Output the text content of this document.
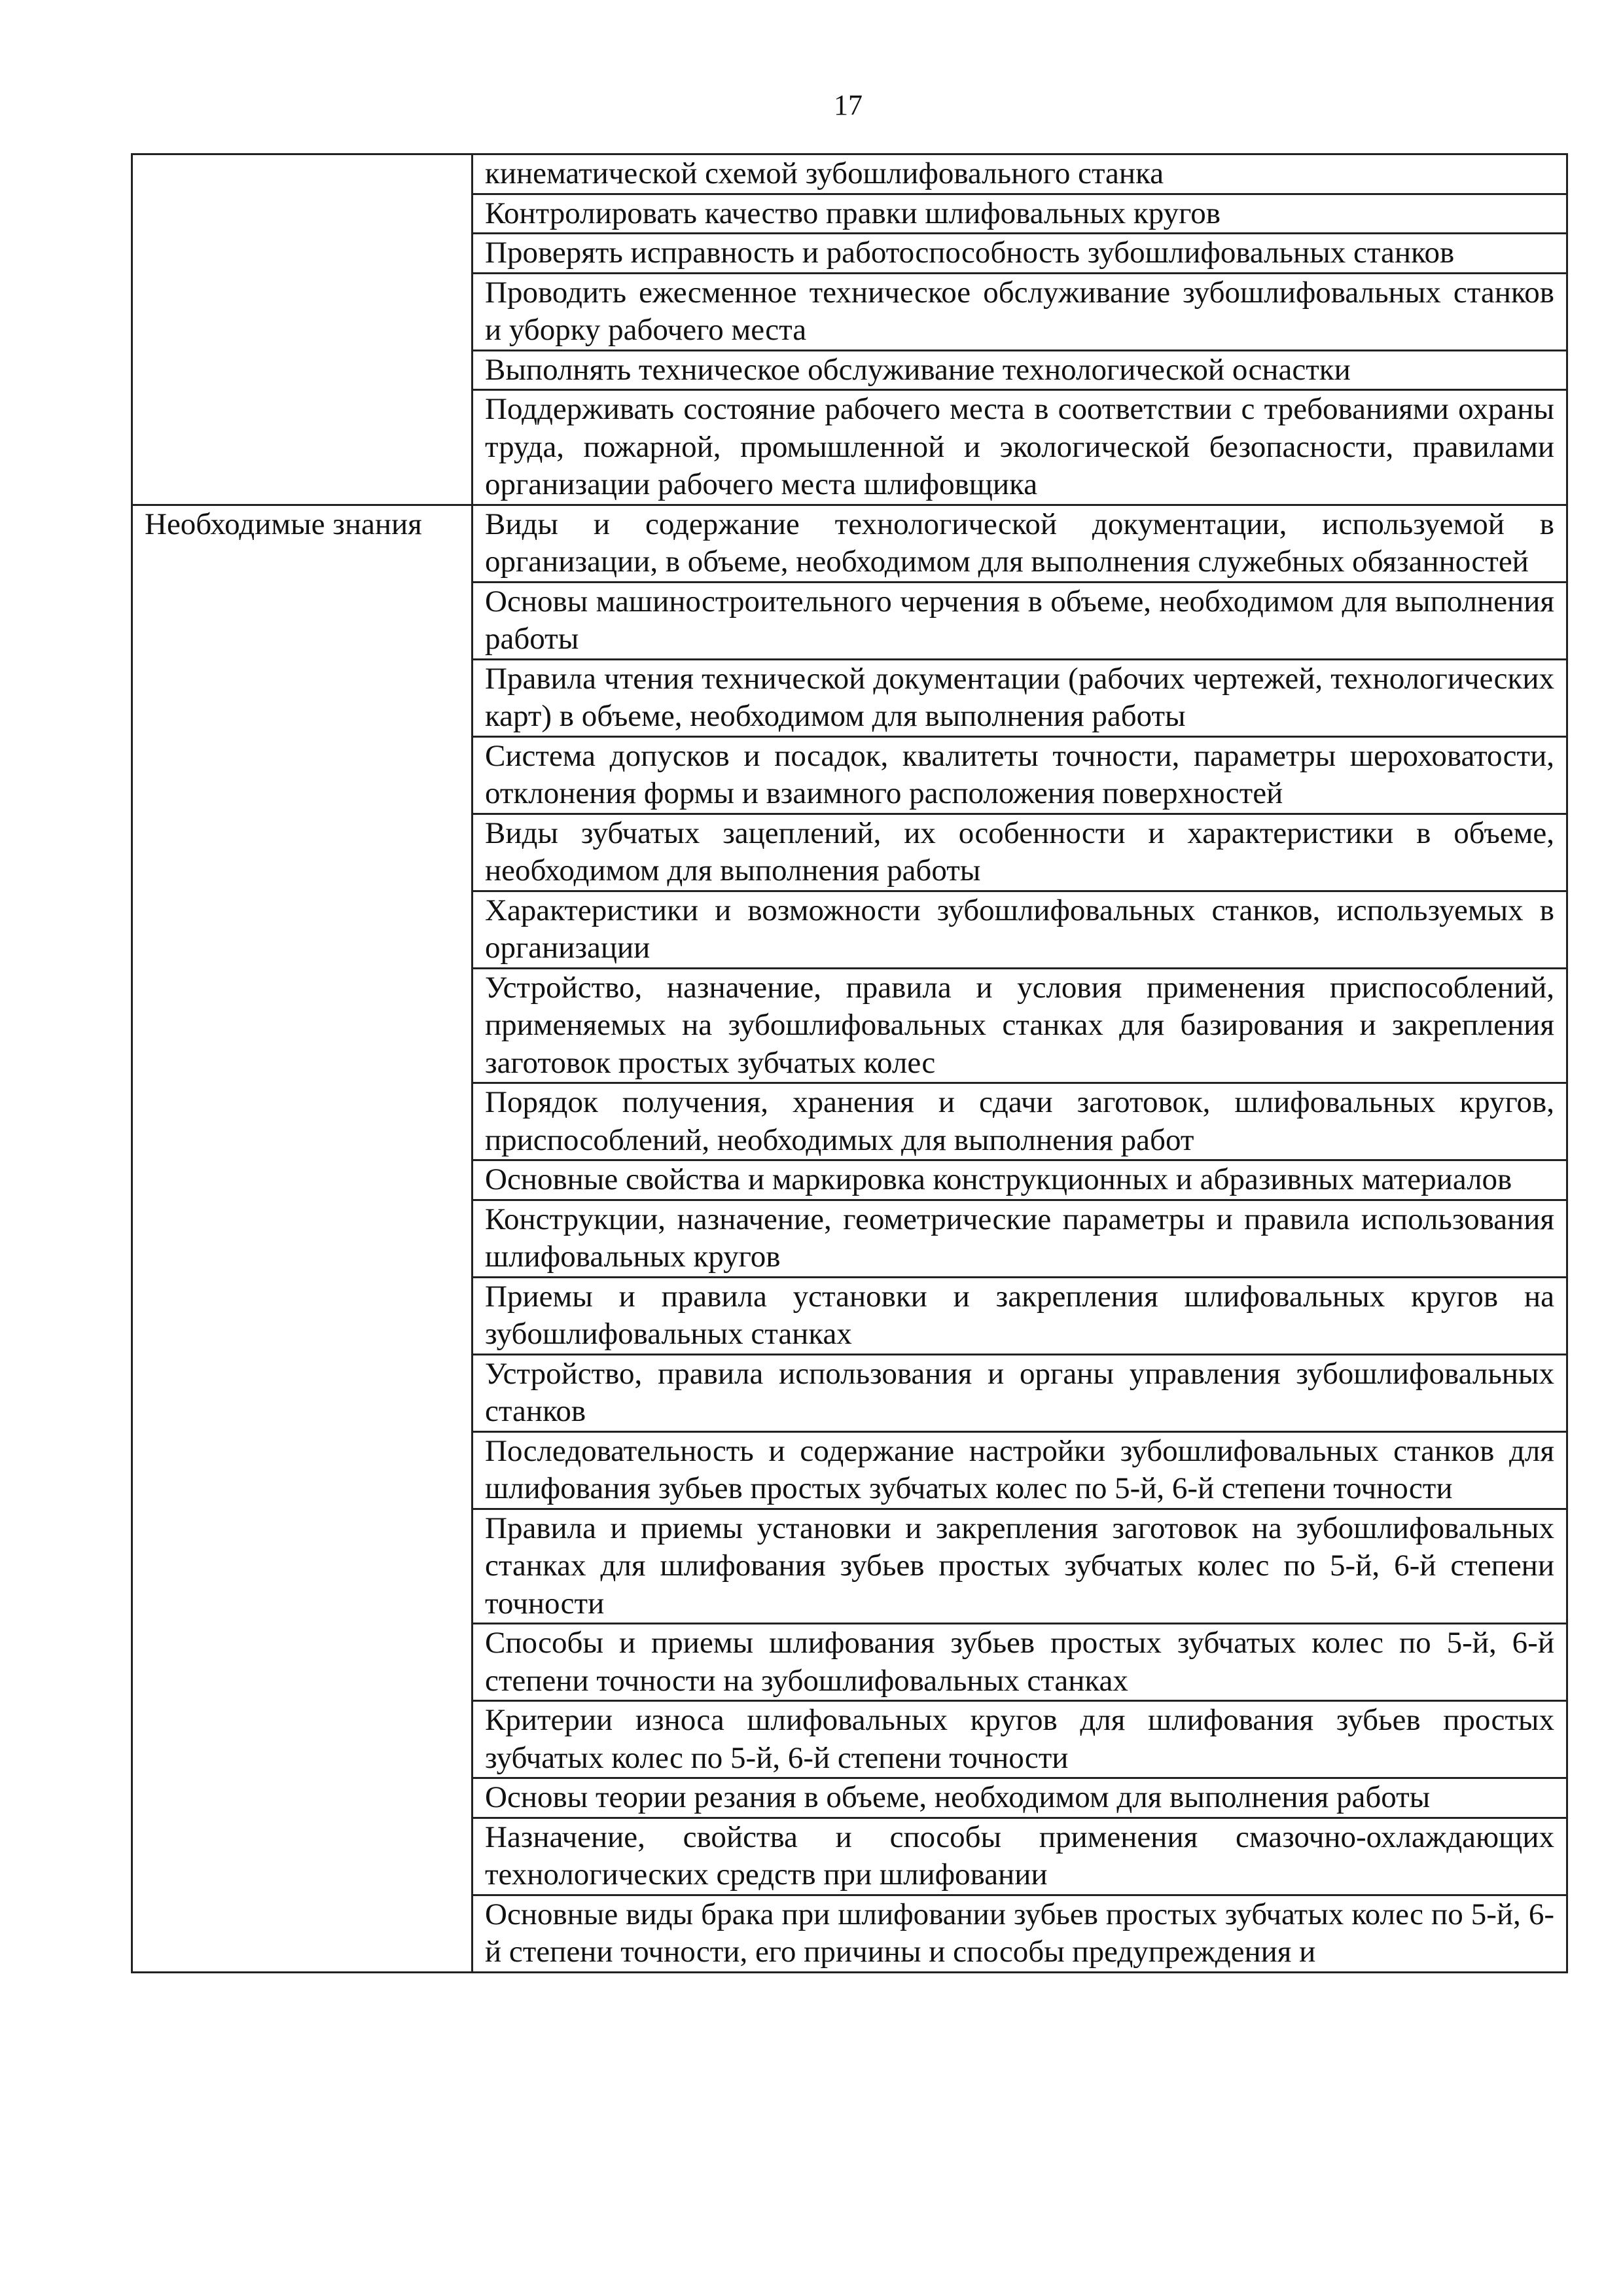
17
	кинематической схемой зубошлифовального станка
	Контролировать качество правки шлифовальных кругов
	Проверять исправность и работоспособность зубошлифовальных станков
	Проводить ежесменное техническое обслуживание зубошлифовальных станков и уборку рабочего места
	Выполнять техническое обслуживание технологической оснастки
	Поддерживать состояние рабочего места в соответствии с требованиями охраны труда, пожарной, промышленной и экологической безопасности, правилами организации рабочего места шлифовщика
Необходимые знания	Виды и содержание технологической документации, используемой в организации, в объеме, необходимом для выполнения служебных обязанностей
	Основы машиностроительного черчения в объеме, необходимом для выполнения работы
	Правила чтения технической документации (рабочих чертежей, технологических карт) в объеме, необходимом для выполнения работы
	Система допусков и посадок, квалитеты точности, параметры шероховатости, отклонения формы и взаимного расположения поверхностей
	Виды зубчатых зацеплений, их особенности и характеристики в объеме, необходимом для выполнения работы
	Характеристики и возможности зубошлифовальных станков, используемых в организации
	Устройство, назначение, правила и условия применения приспособлений, применяемых на зубошлифовальных станках для базирования и закрепления заготовок простых зубчатых колес
	Порядок получения, хранения и сдачи заготовок, шлифовальных кругов, приспособлений, необходимых для выполнения работ
	Основные свойства и маркировка конструкционных и абразивных материалов
	Конструкции, назначение, геометрические параметры и правила использования шлифовальных кругов
	Приемы и правила установки и закрепления шлифовальных кругов на зубошлифовальных станках
	Устройство, правила использования и органы управления зубошлифовальных станков
	Последовательность и содержание настройки зубошлифовальных станков для шлифования зубьев простых зубчатых колес по 5-й, 6-й степени точности
	Правила и приемы установки и закрепления заготовок на зубошлифовальных станках для шлифования зубьев простых зубчатых колес по 5-й, 6-й степени точности
	Способы и приемы шлифования зубьев простых зубчатых колес по 5-й, 6-й степени точности на зубошлифовальных станках
	Критерии износа шлифовальных кругов для шлифования зубьев простых зубчатых колес по 5-й, 6-й степени точности
	Основы теории резания в объеме, необходимом для выполнения работы
	Назначение, свойства и способы применения смазочно-охлаждающих технологических средств при шлифовании
	Основные виды брака при шлифовании зубьев простых зубчатых колес по 5-й, 6-й степени точности, его причины и способы предупреждения и
